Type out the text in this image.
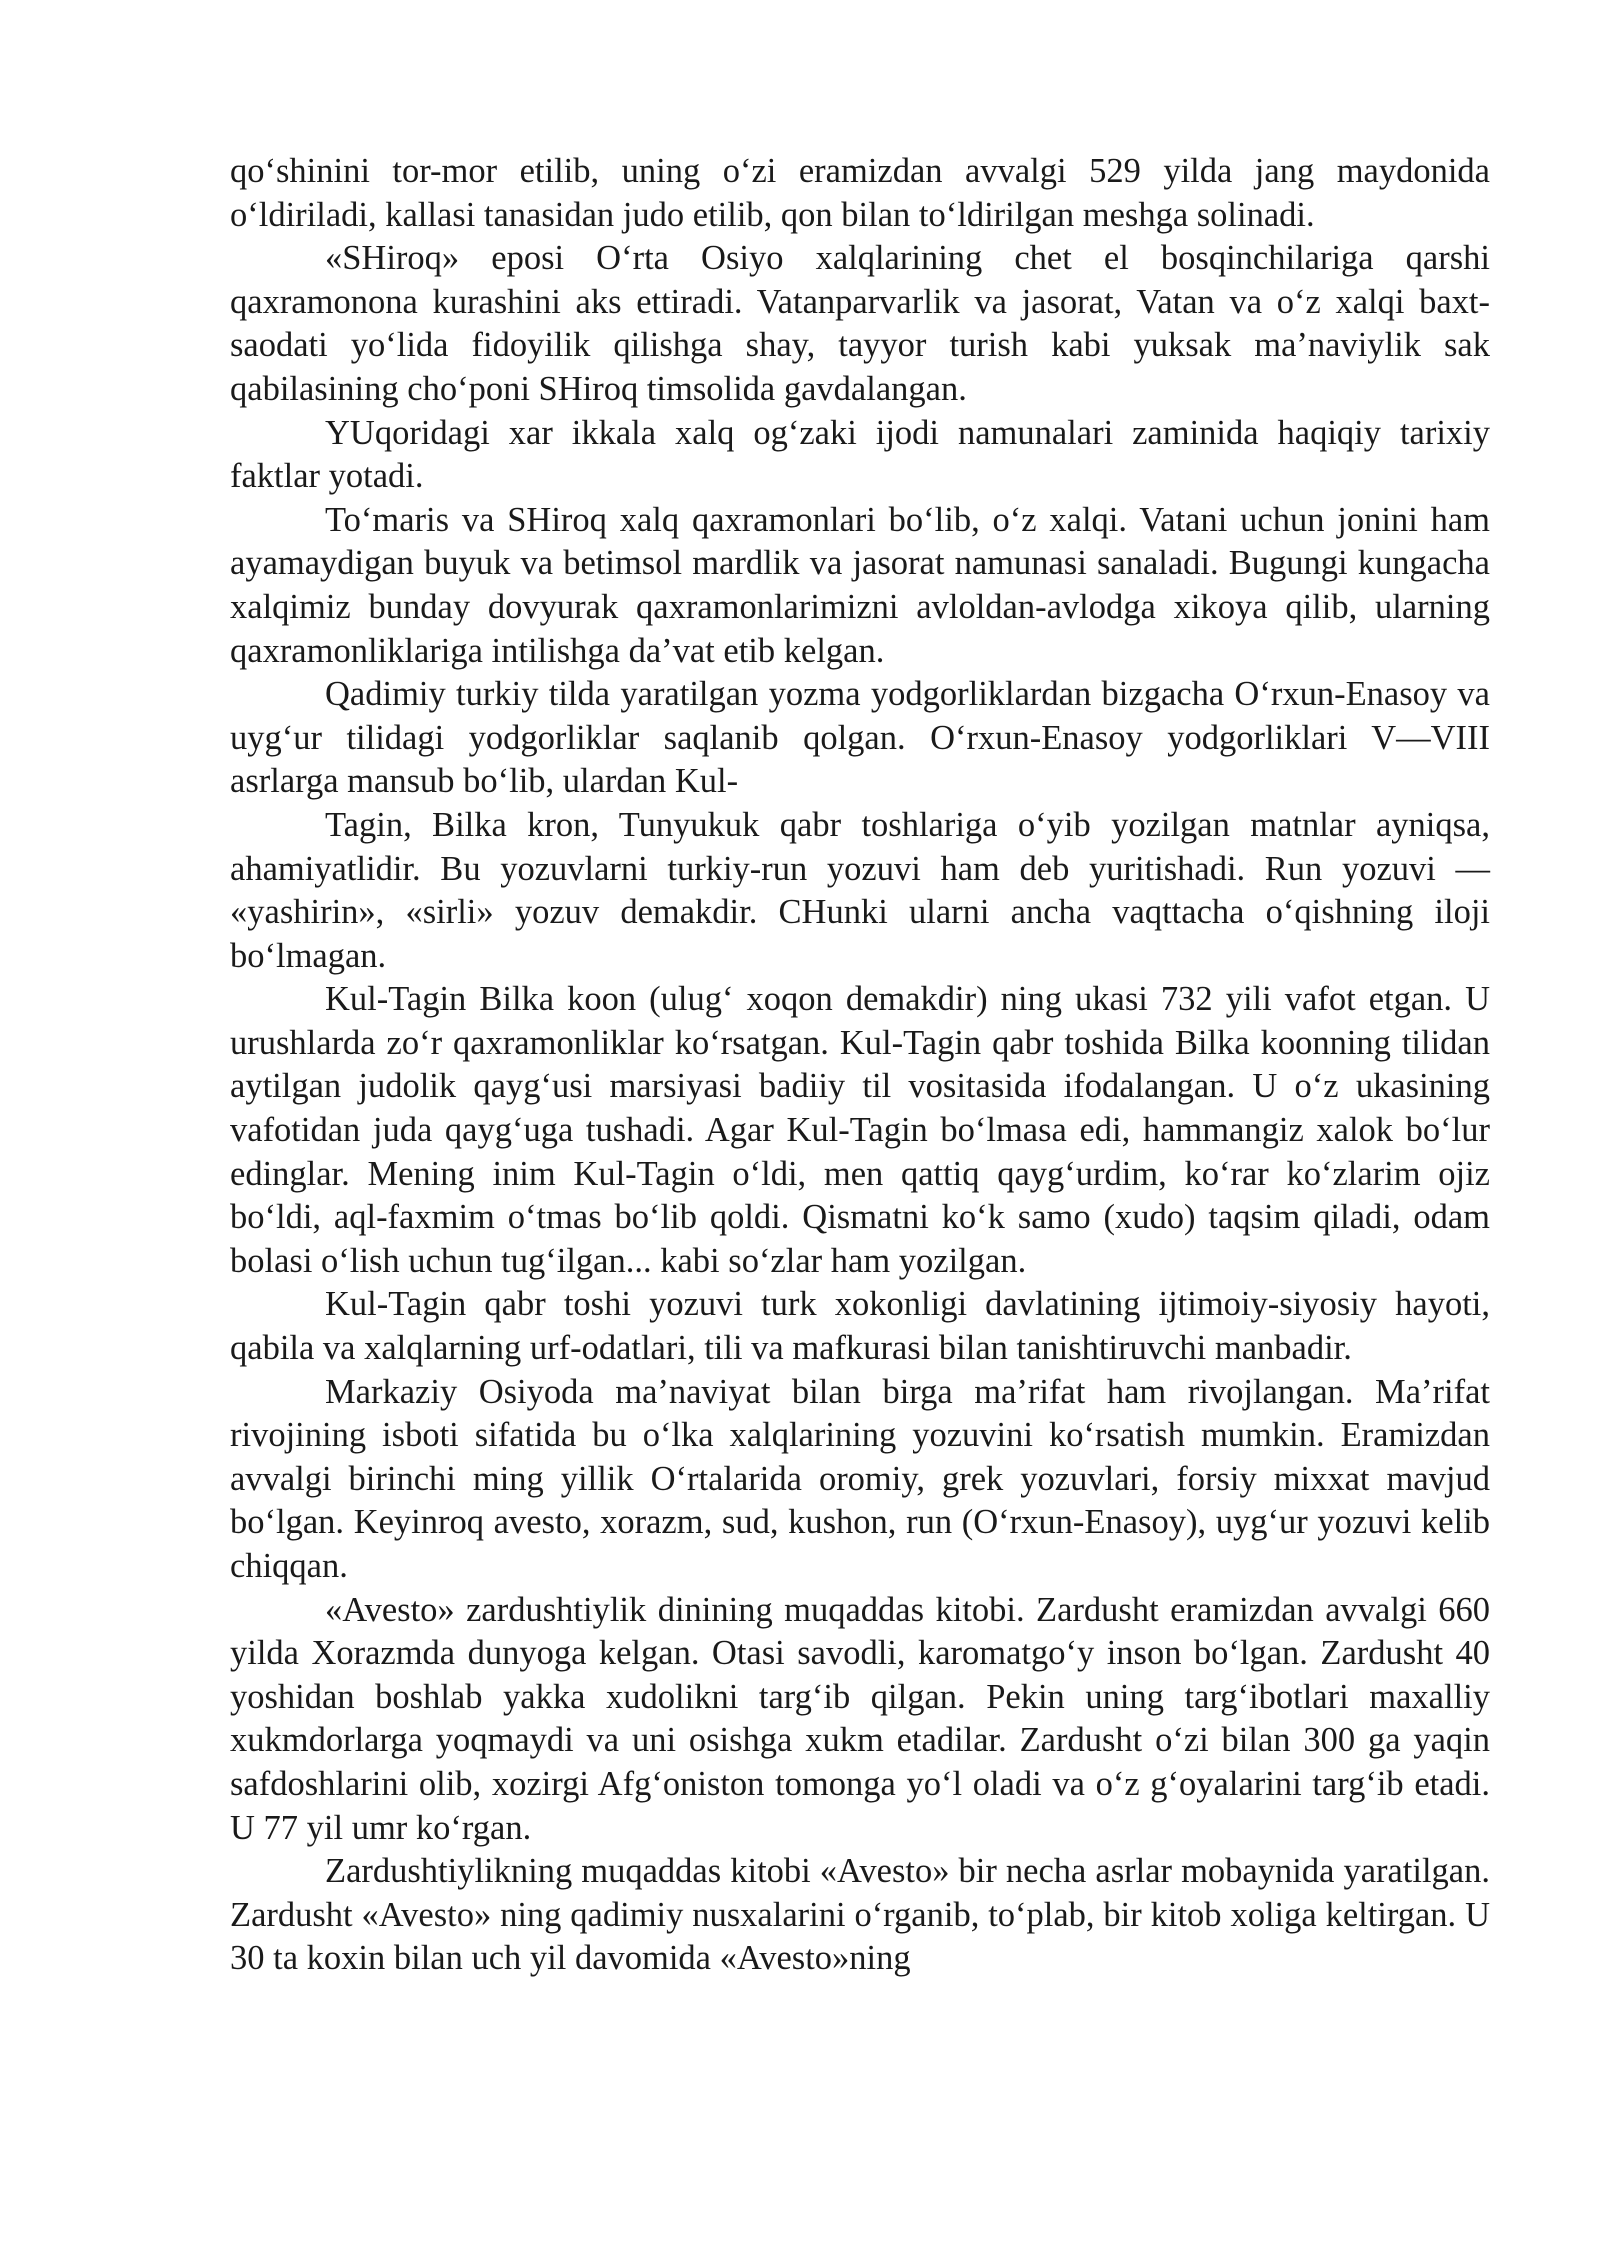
qo‘shinini tor-mor etilib, uning o‘zi eramizdan avvalgi 529 yilda jang maydonida o‘ldiriladi, kallasi tanasidan judo etilib, qon bilan to‘ldirilgan meshga solinadi.

«SHiroq» eposi O‘rta Osiyo xalqlarining chet el bosqinchilariga qarshi qaxramonona kurashini aks ettiradi. Vatanparvarlik va jasorat, Vatan va o‘z xalqi baxt-saodati yo‘lida fidoyilik qilishga shay, tayyor turish kabi yuksak ma’naviylik sak qabilasining cho‘poni SHiroq timsolida gavdalangan.

YUqoridagi xar ikkala xalq og‘zaki ijodi namunalari zaminida haqiqiy tarixiy faktlar yotadi.

To‘maris va SHiroq xalq qaxramonlari bo‘lib, o‘z xalqi. Vatani uchun jonini ham ayamaydigan buyuk va betimsol mardlik va jasorat namunasi sanaladi. Bugungi kungacha xalqimiz bunday dovyurak qaxramonlarimizni avloldan-avlodga xikoya qilib, ularning qaxramonliklariga intilishga da’vat etib kelgan.

Qadimiy turkiy tilda yaratilgan yozma yodgorliklardan bizgacha O‘rxun-Enasoy va uyg‘ur tilidagi yodgorliklar saqlanib qolgan. O‘rxun-Enasoy yodgorliklari V—VIII asrlarga mansub bo‘lib, ulardan Kul-

Tagin, Bilka kron, Tunyukuk qabr toshlariga o‘yib yozilgan matnlar ayniqsa, ahamiyatlidir. Bu yozuvlarni turkiy-run yozuvi ham deb yuritishadi. Run yozuvi — «yashirin», «sirli» yozuv demakdir. CHunki ularni ancha vaqttacha o‘qishning iloji bo‘lmagan.

Kul-Tagin Bilka koon (ulug‘ xoqon demakdir) ning ukasi 732 yili vafot etgan. U urushlarda zo‘r qaxramonliklar ko‘rsatgan. Kul-Tagin qabr toshida Bilka koonning tilidan aytilgan judolik qayg‘usi marsiyasi badiiy til vositasida ifodalangan. U o‘z ukasining vafotidan juda qayg‘uga tushadi. Agar Kul-Tagin bo‘lmasa edi, hammangiz xalok bo‘lur edinglar. Mening inim Kul-Tagin o‘ldi, men qattiq qayg‘urdim, ko‘rar ko‘zlarim ojiz bo‘ldi, aql-faxmim o‘tmas bo‘lib qoldi. Qismatni ko‘k samo (xudo) taqsim qiladi, odam bolasi o‘lish uchun tug‘ilgan... kabi so‘zlar ham yozilgan.

Kul-Tagin qabr toshi yozuvi turk xokonligi davlatining ijtimoiy-siyosiy hayoti, qabila va xalqlarning urf-odatlari, tili va mafkurasi bilan tanishtiruvchi manbadir.

Markaziy Osiyoda ma’naviyat bilan birga ma’rifat ham rivojlangan. Ma’rifat rivojining isboti sifatida bu o‘lka xalqlarining yozuvini ko‘rsatish mumkin. Eramizdan avvalgi birinchi ming yillik O‘rtalarida oromiy, grek yozuvlari, forsiy mixxat mavjud bo‘lgan. Keyinroq avesto, xorazm, sud, kushon, run (O‘rxun-Enasoy), uyg‘ur yozuvi kelib chiqqan.

«Avesto» zardushtiylik dinining muqaddas kitobi. Zardusht eramizdan avvalgi 660 yilda Xorazmda dunyoga kelgan. Otasi savodli, karomatgo‘y inson bo‘lgan. Zardusht 40 yoshidan boshlab yakka xudolikni targ‘ib qilgan. Pekin uning targ‘ibotlari maxalliy xukmdorlarga yoqmaydi va uni osishga xukm etadilar. Zardusht o‘zi bilan 300 ga yaqin safdoshlarini olib, xozirgi Afg‘oniston tomonga yo‘l oladi va o‘z g‘oyalarini targ‘ib etadi. U 77 yil umr ko‘rgan.

Zardushtiylikning muqaddas kitobi «Avesto» bir necha asrlar mobaynida yaratilgan. Zardusht «Avesto» ning qadimiy nusxalarini o‘rganib, to‘plab, bir kitob xoliga keltirgan. U 30 ta koxin bilan uch yil davomida «Avesto»ning
